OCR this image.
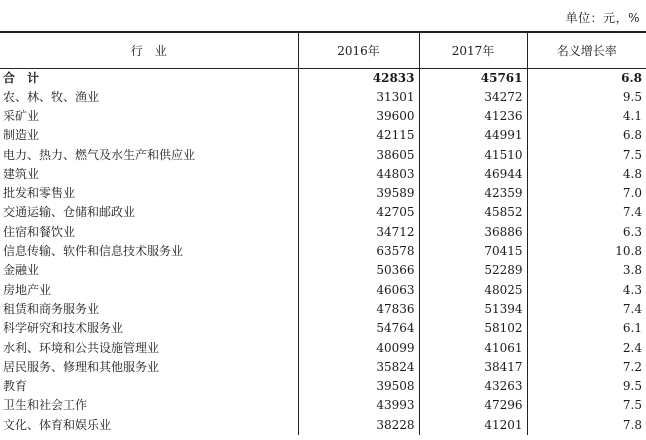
单位：元，%
行　业	2016年	2017年	名义增长率
合　计	42833	45761	6.8
农、林、牧、渔业	31301	34272	9.5
采矿业	39600	41236	4.1
制造业	42115	44991	6.8
电力、热力、燃气及水生产和供应业	38605	41510	7.5
建筑业	44803	46944	4.8
批发和零售业	39589	42359	7.0
交通运输、仓储和邮政业	42705	45852	7.4
住宿和餐饮业	34712	36886	6.3
信息传输、软件和信息技术服务业	63578	70415	10.8
金融业	50366	52289	3.8
房地产业	46063	48025	4.3
租赁和商务服务业	47836	51394	7.4
科学研究和技术服务业	54764	58102	6.1
水利、环境和公共设施管理业	40099	41061	2.4
居民服务、修理和其他服务业	35824	38417	7.2
教育	39508	43263	9.5
卫生和社会工作	43993	47296	7.5
文化、体育和娱乐业	38228	41201	7.8
